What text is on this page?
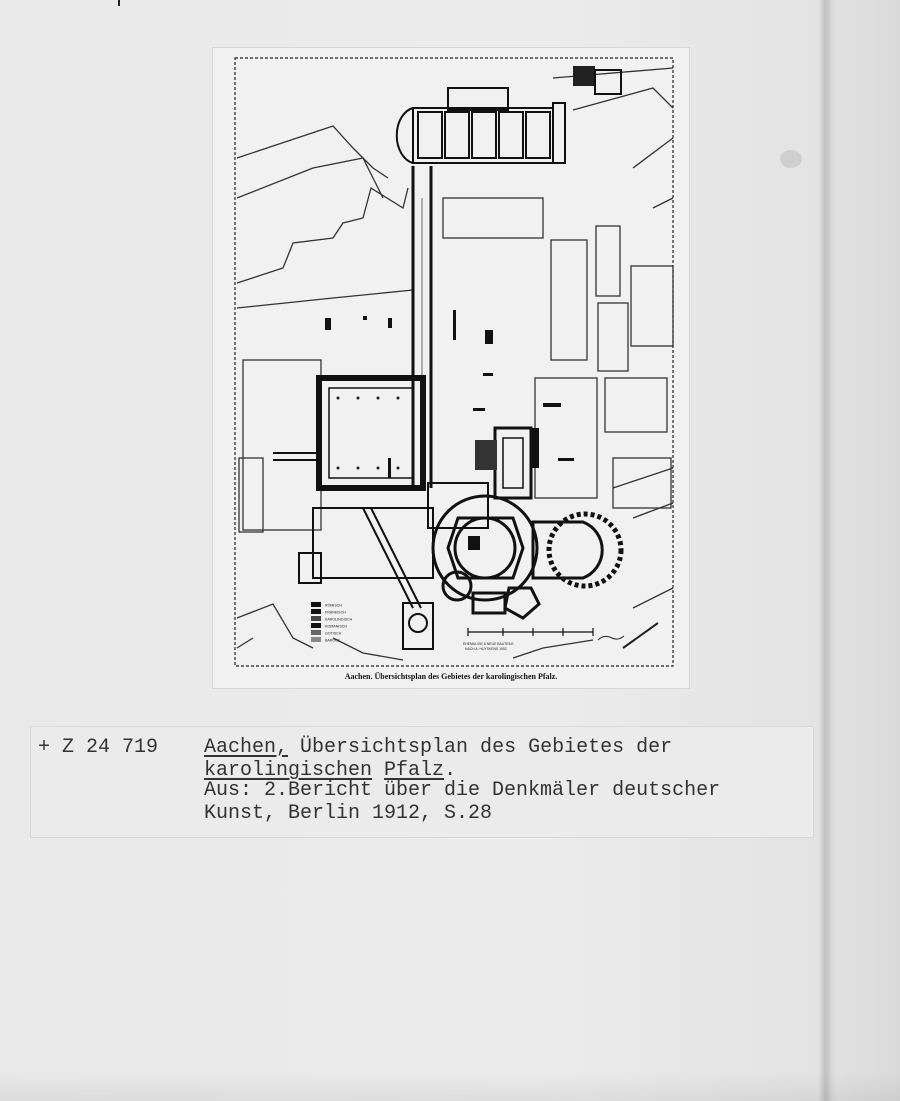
RÖMISCH
FRÄNKISCH
KAROLINGISCH
ROMANISCH
GOTISCH
BAROCK
EHEMALIGE & NEUE BAUTEILE
NACH A. HUYSKENS 1902
Aachen. Übersichtsplan des Gebietes der karolingischen Pfalz.
+ Z 24 719 Aachen, Übersichtsplan des Gebietes der
karolingischen Pfalz.
Aus: 2.Bericht über die Denkmäler deutscher
Kunst, Berlin 1912, S.28
